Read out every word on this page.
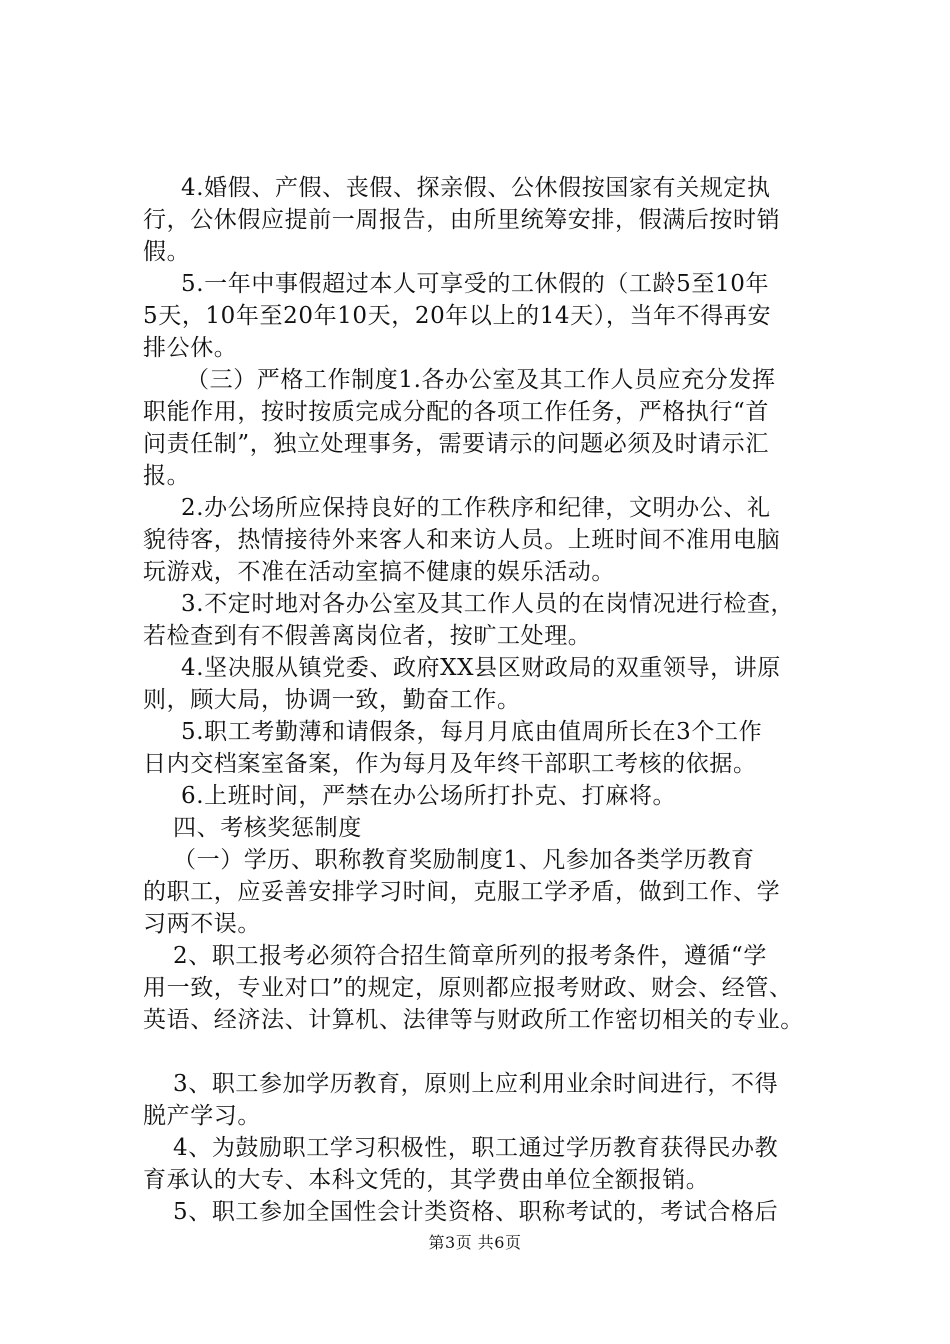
4.婚假、产假、丧假、探亲假、公休假按国家有关规定执
行，公休假应提前一周报告，由所里统筹安排，假满后按时销
假。
5.一年中事假超过本人可享受的工休假的（工龄5至10年
5天，10年至20年10天，20年以上的14天），当年不得再安
排公休。
（三）严格工作制度1.各办公室及其工作人员应充分发挥
职能作用，按时按质完成分配的各项工作任务，严格执行“首
问责任制”，独立处理事务，需要请示的问题必须及时请示汇
报。
2.办公场所应保持良好的工作秩序和纪律，文明办公、礼
貌待客，热情接待外来客人和来访人员。上班时间不准用电脑
玩游戏，不准在活动室搞不健康的娱乐活动。
3.不定时地对各办公室及其工作人员的在岗情况进行检查，
若检查到有不假善离岗位者，按旷工处理。
4.坚决服从镇党委、政府XX县区财政局的双重领导，讲原
则，顾大局，协调一致，勤奋工作。
5.职工考勤薄和请假条，每月月底由值周所长在3个工作
日内交档案室备案，作为每月及年终干部职工考核的依据。
6.上班时间，严禁在办公场所打扑克、打麻将。
四、考核奖惩制度
（一）学历、职称教育奖励制度1、凡参加各类学历教育
的职工，应妥善安排学习时间，克服工学矛盾，做到工作、学
习两不误。
2、职工报考必须符合招生简章所列的报考条件，遵循“学
用一致，专业对口”的规定，原则都应报考财政、财会、经管、
英语、经济法、计算机、法律等与财政所工作密切相关的专业。
3、职工参加学历教育，原则上应利用业余时间进行，不得
脱产学习。
4、为鼓励职工学习积极性，职工通过学历教育获得民办教
育承认的大专、本科文凭的，其学费由单位全额报销。
5、职工参加全国性会计类资格、职称考试的，考试合格后
第3页 共6页
